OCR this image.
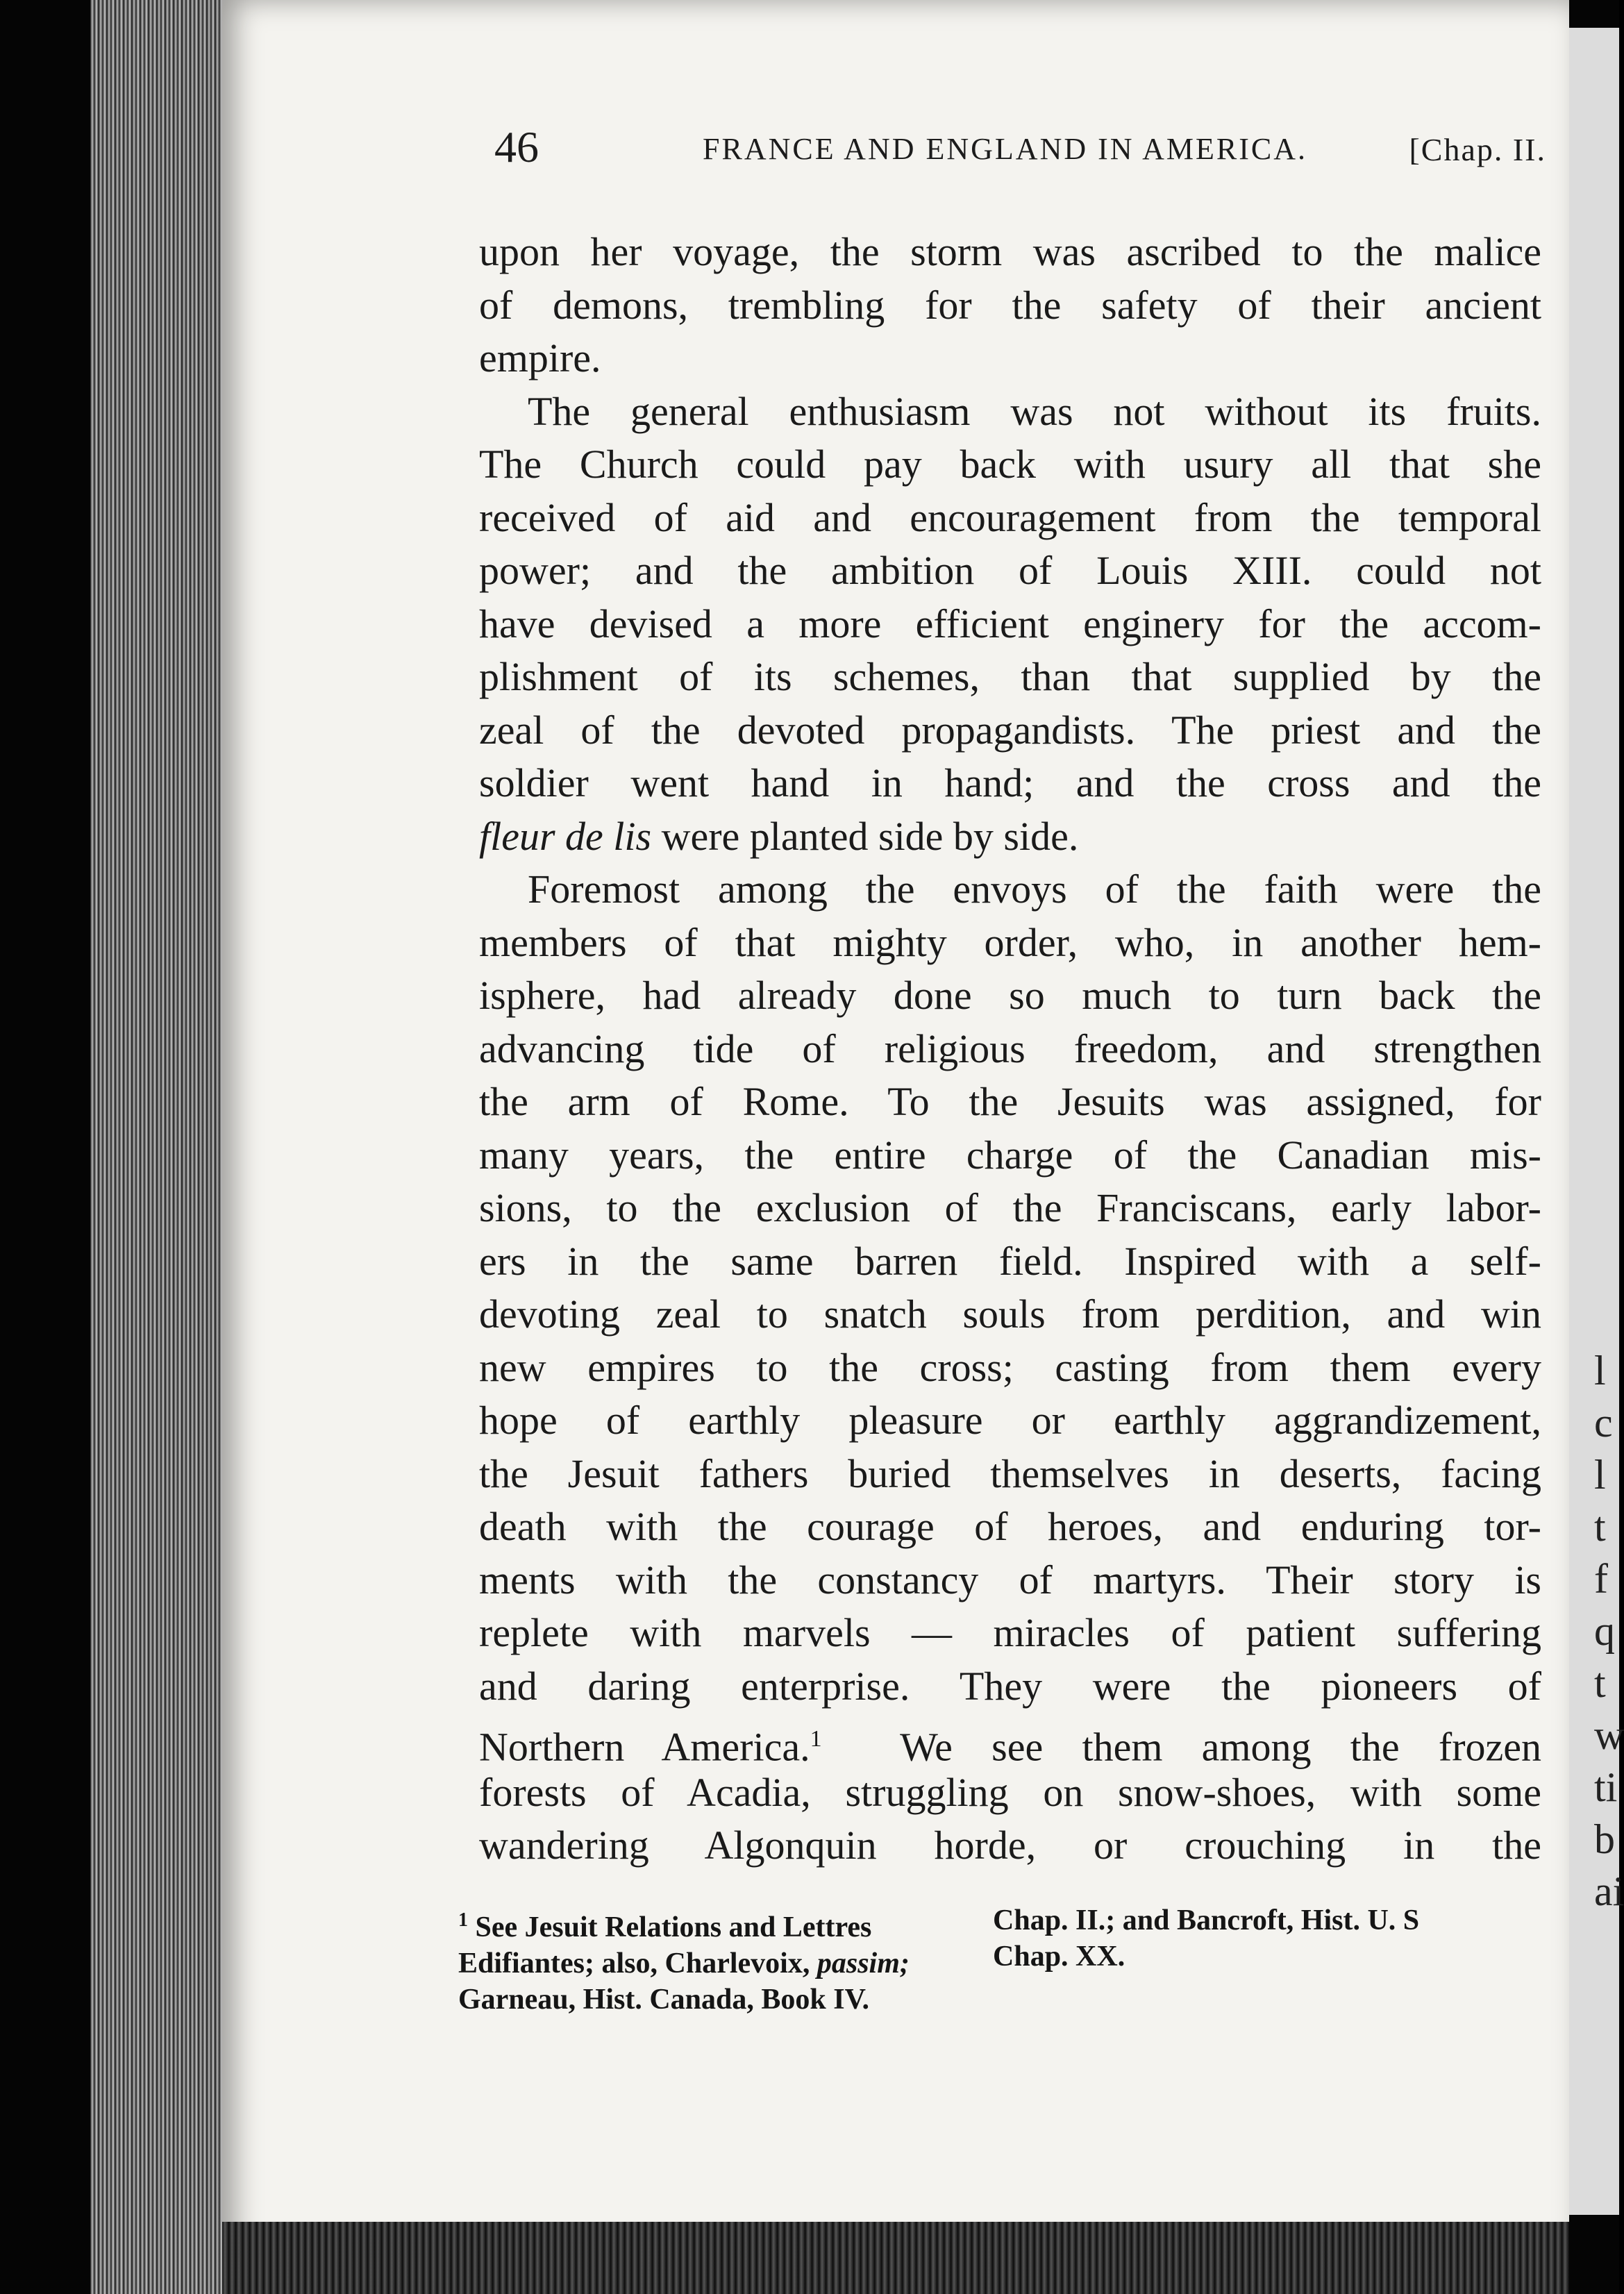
l
c
l
t
f
q
t
w
ti
b
ai
46	FRANCE AND ENGLAND IN AMERICA.	[Chap. II.
upon her voyage, the storm was ascribed to the malice
of demons, trembling for the safety of their ancient
empire.
The general enthusiasm was not without its fruits.
The Church could pay back with usury all that she
received of aid and encouragement from the temporal
power; and the ambition of Louis XIII. could not
have devised a more efficient enginery for the accom-
plishment of its schemes, than that supplied by the
zeal of the devoted propagandists. The priest and the
soldier went hand in hand; and the cross and the
fleur de lis were planted side by side.
Foremost among the envoys of the faith were the
members of that mighty order, who, in another hem-
isphere, had already done so much to turn back the
advancing tide of religious freedom, and strengthen
the arm of Rome. To the Jesuits was assigned, for
many years, the entire charge of the Canadian mis-
sions, to the exclusion of the Franciscans, early labor-
ers in the same barren field. Inspired with a self-
devoting zeal to snatch souls from perdition, and win
new empires to the cross; casting from them every
hope of earthly pleasure or earthly aggrandizement,
the Jesuit fathers buried themselves in deserts, facing
death with the courage of heroes, and enduring tor-
ments with the constancy of martyrs. Their story is
replete with marvels — miracles of patient suffering
and daring enterprise. They were the pioneers of
Northern America.$^1$ We see them among the frozen
forests of Acadia, struggling on snow-shoes, with some
wandering Algonquin horde, or crouching in the
$^1$ See Jesuit Relations and Lettres
Edifiantes; also, Charlevoix, passim;
Garneau, Hist. Canada, Book IV.
Chap. II.; and Bancroft, Hist. U. S
Chap. XX.
